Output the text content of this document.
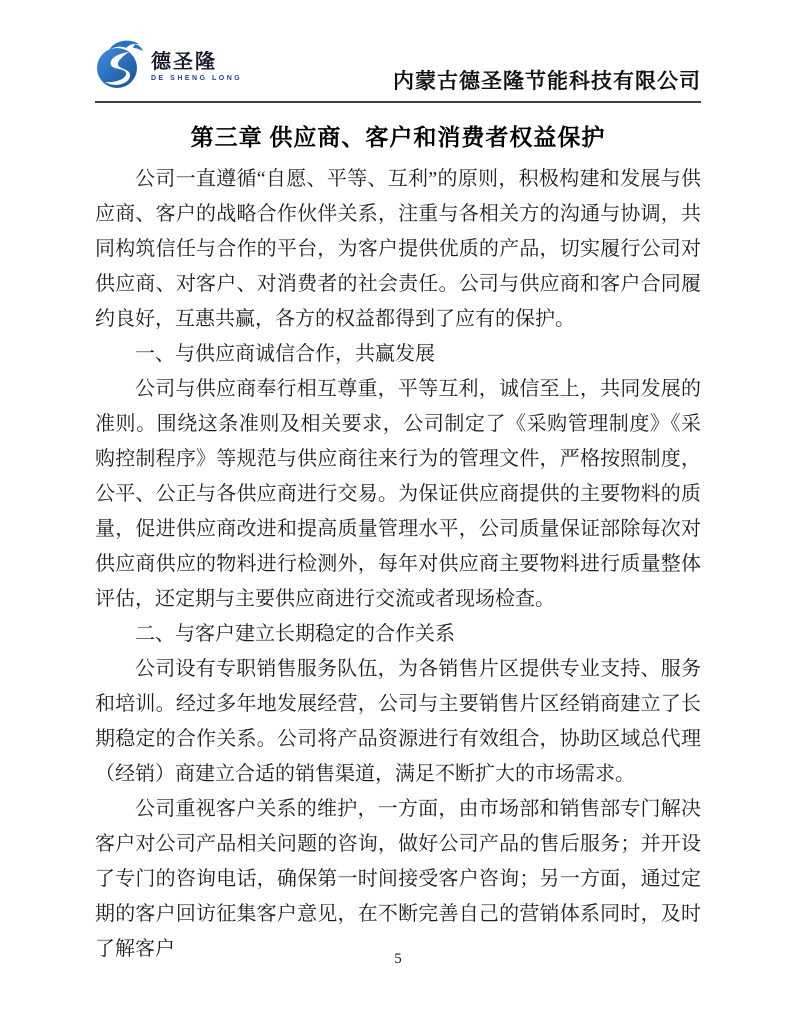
德圣隆
DE SHENG LONG	内蒙古德圣隆节能科技有限公司
第三章 供应商、客户和消费者权益保护

公司一直遵循“自愿、平等、互利”的原则，积极构建和发展与供应商、客户的战略合作伙伴关系，注重与各相关方的沟通与协调，共同构筑信任与合作的平台，为客户提供优质的产品，切实履行公司对供应商、对客户、对消费者的社会责任。公司与供应商和客户合同履约良好，互惠共赢，各方的权益都得到了应有的保护。

一、与供应商诚信合作，共赢发展

公司与供应商奉行相互尊重，平等互利，诚信至上，共同发展的准则。围绕这条准则及相关要求，公司制定了《采购管理制度》《采购控制程序》等规范与供应商往来行为的管理文件，严格按照制度，公平、公正与各供应商进行交易。为保证供应商提供的主要物料的质量，促进供应商改进和提高质量管理水平，公司质量保证部除每次对供应商供应的物料进行检测外，每年对供应商主要物料进行质量整体评估，还定期与主要供应商进行交流或者现场检查。

二、与客户建立长期稳定的合作关系

公司设有专职销售服务队伍，为各销售片区提供专业支持、服务和培训。经过多年地发展经营，公司与主要销售片区经销商建立了长期稳定的合作关系。公司将产品资源进行有效组合，协助区域总代理（经销）商建立合适的销售渠道，满足不断扩大的市场需求。

公司重视客户关系的维护，一方面，由市场部和销售部专门解决客户对公司产品相关问题的咨询，做好公司产品的售后服务；并开设了专门的咨询电话，确保第一时间接受客户咨询；另一方面，通过定期的客户回访征集客户意见，在不断完善自己的营销体系同时，及时了解客户	5
